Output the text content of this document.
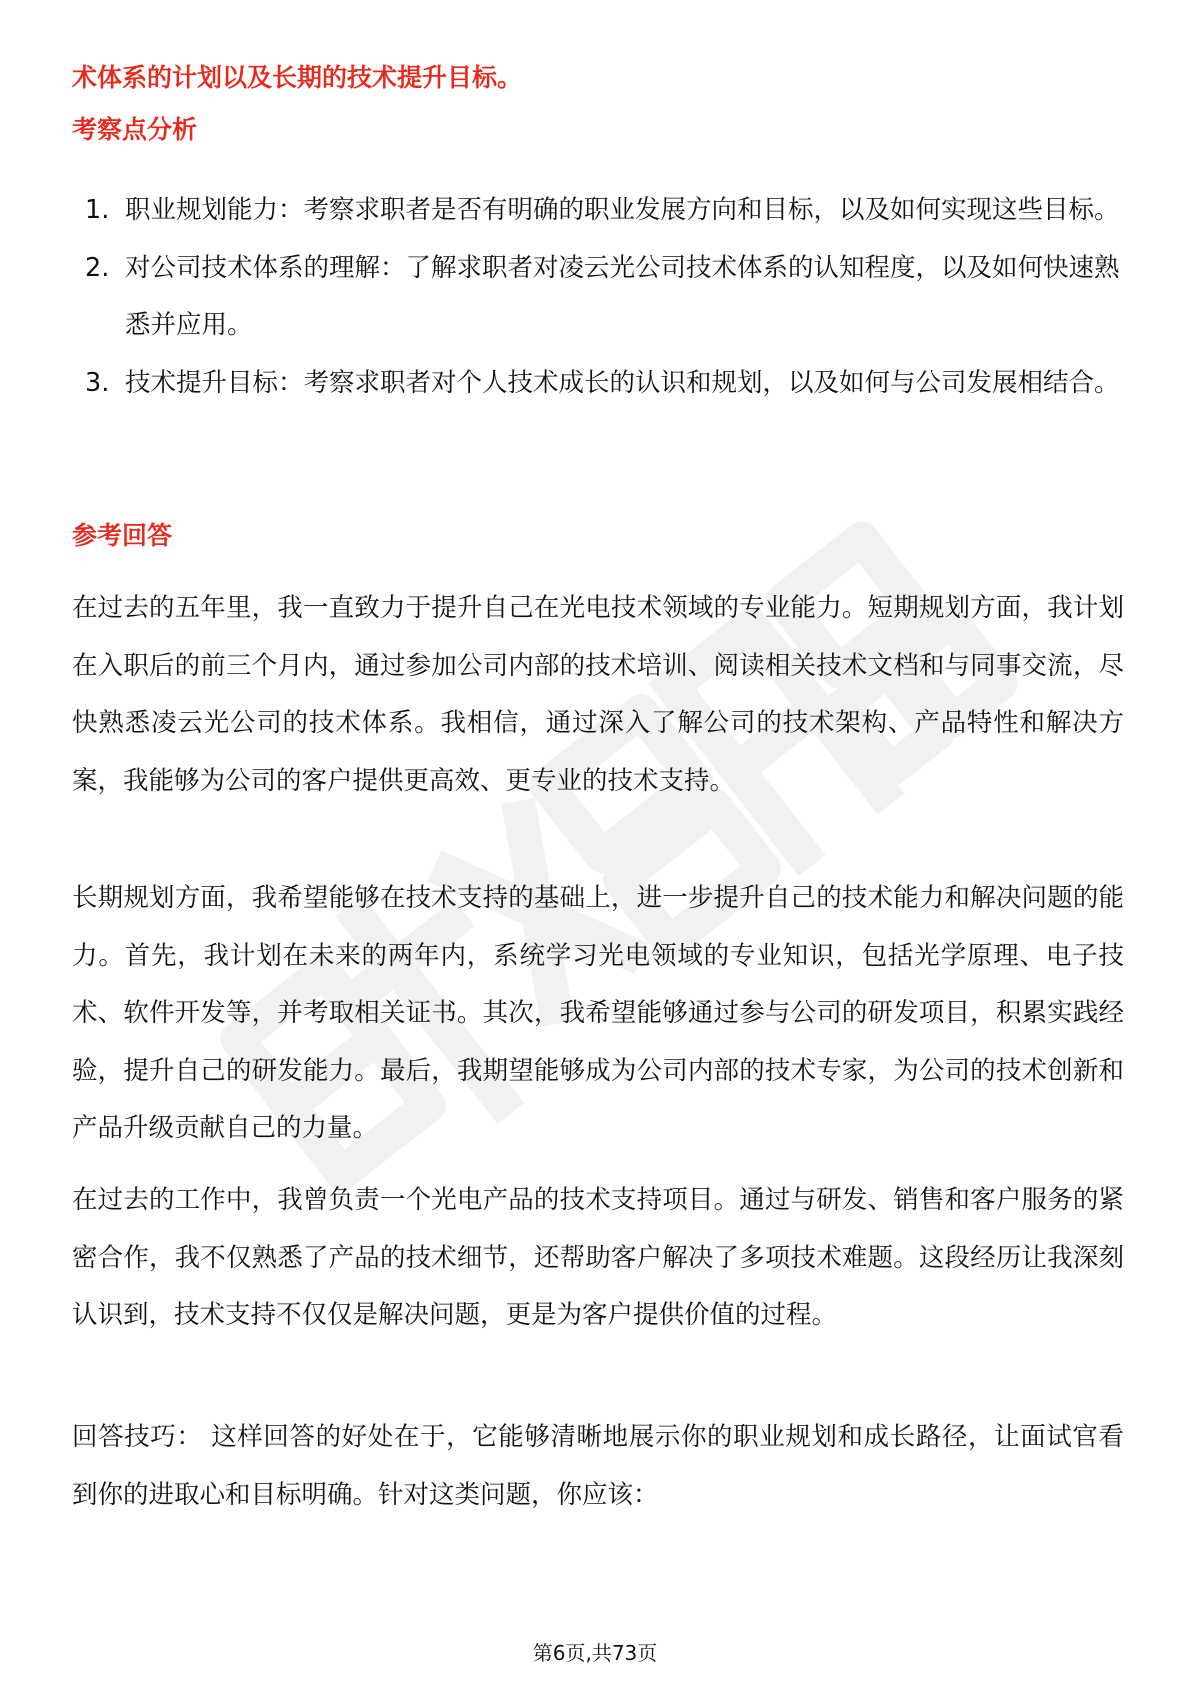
术体系的计划以及长期的技术提升目标。
考察点分析
1. 职业规划能力：考察求职者是否有明确的职业发展方向和目标，以及如何实现这些目标。
2. 对公司技术体系的理解：了解求职者对凌云光公司技术体系的认知程度，以及如何快速熟悉并应用。
3. 技术提升目标：考察求职者对个人技术成长的认识和规划，以及如何与公司发展相结合。
参考回答
在过去的五年里，我一直致力于提升自己在光电技术领域的专业能力。短期规划方面，我计划在入职后的前三个月内，通过参加公司内部的技术培训、阅读相关技术文档和与同事交流，尽快熟悉凌云光公司的技术体系。我相信，通过深入了解公司的技术架构、产品特性和解决方案，我能够为公司的客户提供更高效、更专业的技术支持。
长期规划方面，我希望能够在技术支持的基础上，进一步提升自己的技术能力和解决问题的能力。首先，我计划在未来的两年内，系统学习光电领域的专业知识，包括光学原理、电子技术、软件开发等，并考取相关证书。其次，我希望能够通过参与公司的研发项目，积累实践经验，提升自己的研发能力。最后，我期望能够成为公司内部的技术专家，为公司的技术创新和产品升级贡献自己的力量。
在过去的工作中，我曾负责一个光电产品的技术支持项目。通过与研发、销售和客户服务的紧密合作，我不仅熟悉了产品的技术细节，还帮助客户解决了多项技术难题。这段经历让我深刻认识到，技术支持不仅仅是解决问题，更是为客户提供价值的过程。
回答技巧： 这样回答的好处在于，它能够清晰地展示你的职业规划和成长路径，让面试官看到你的进取心和目标明确。针对这类问题，你应该：
第6页,共73页
